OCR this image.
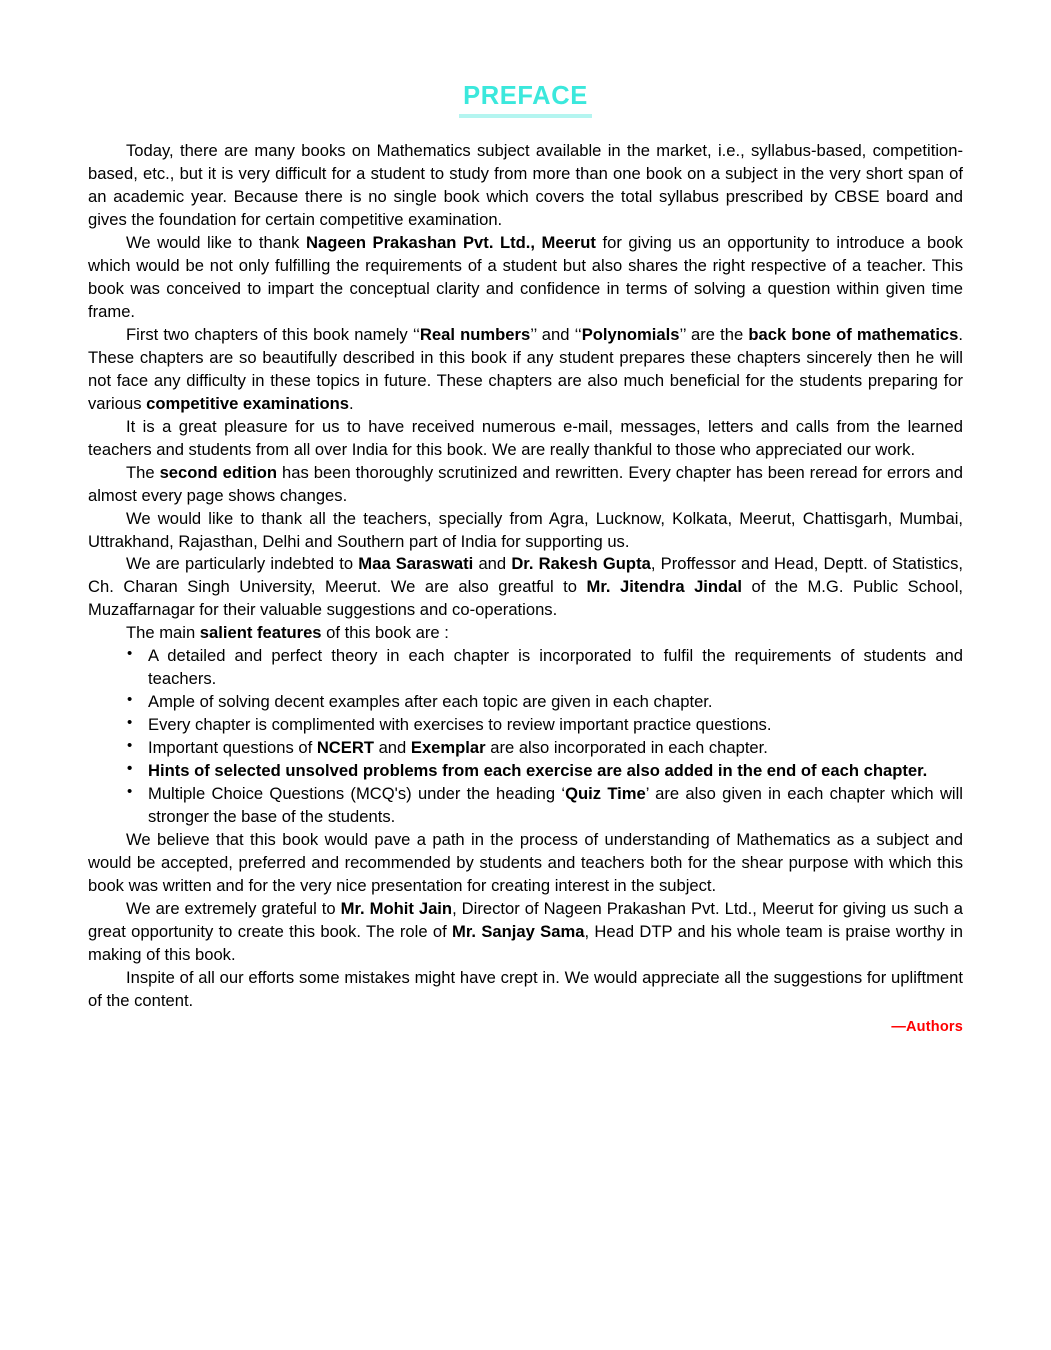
PREFACE

Today, there are many books on Mathematics subject available in the market, i.e., syllabus-based, competition-based, etc., but it is very difficult for a student to study from more than one book on a subject in the very short span of an academic year. Because there is no single book which covers the total syllabus prescribed by CBSE board and gives the foundation for certain competitive examination.

We would like to thank Nageen Prakashan Pvt. Ltd., Meerut for giving us an opportunity to introduce a book which would be not only fulfilling the requirements of a student but also shares the right respective of a teacher. This book was conceived to impart the conceptual clarity and confidence in terms of solving a question within given time frame.

First two chapters of this book namely ‘‘Real numbers’’ and ‘‘Polynomials’’ are the back bone of mathematics. These chapters are so beautifully described in this book if any student prepares these chapters sincerely then he will not face any difficulty in these topics in future. These chapters are also much beneficial for the students preparing for various competitive examinations.

It is a great pleasure for us to have received numerous e-mail, messages, letters and calls from the learned teachers and students from all over India for this book. We are really thankful to those who appreciated our work.

The second edition has been thoroughly scrutinized and rewritten. Every chapter has been reread for errors and almost every page shows changes.

We would like to thank all the teachers, specially from Agra, Lucknow, Kolkata, Meerut, Chattisgarh, Mumbai, Uttrakhand, Rajasthan, Delhi and Southern part of India for supporting us.

We are particularly indebted to Maa Saraswati and Dr. Rakesh Gupta, Proffessor and Head, Deptt. of Statistics, Ch. Charan Singh University, Meerut. We are also greatful to Mr. Jitendra Jindal of the M.G. Public School, Muzaffarnagar for their valuable suggestions and co-operations.

The main salient features of this book are :

• A detailed and perfect theory in each chapter is incorporated to fulfil the requirements of students and teachers.
• Ample of solving decent examples after each topic are given in each chapter.
• Every chapter is complimented with exercises to review important practice questions.
• Important questions of NCERT and Exemplar are also incorporated in each chapter.
• Hints of selected unsolved problems from each exercise are also added in the end of each chapter.
• Multiple Choice Questions (MCQ's) under the heading ‘Quiz Time’ are also given in each chapter which will stronger the base of the students.

We believe that this book would pave a path in the process of understanding of Mathematics as a subject and would be accepted, preferred and recommended by students and teachers both for the shear purpose with which this book was written and for the very nice presentation for creating interest in the subject.

We are extremely grateful to Mr. Mohit Jain, Director of Nageen Prakashan Pvt. Ltd., Meerut for giving us such a great opportunity to create this book. The role of Mr. Sanjay Sama, Head DTP and his whole team is praise worthy in making of this book.

Inspite of all our efforts some mistakes might have crept in. We would appreciate all the suggestions for upliftment of the content.

—Authors
